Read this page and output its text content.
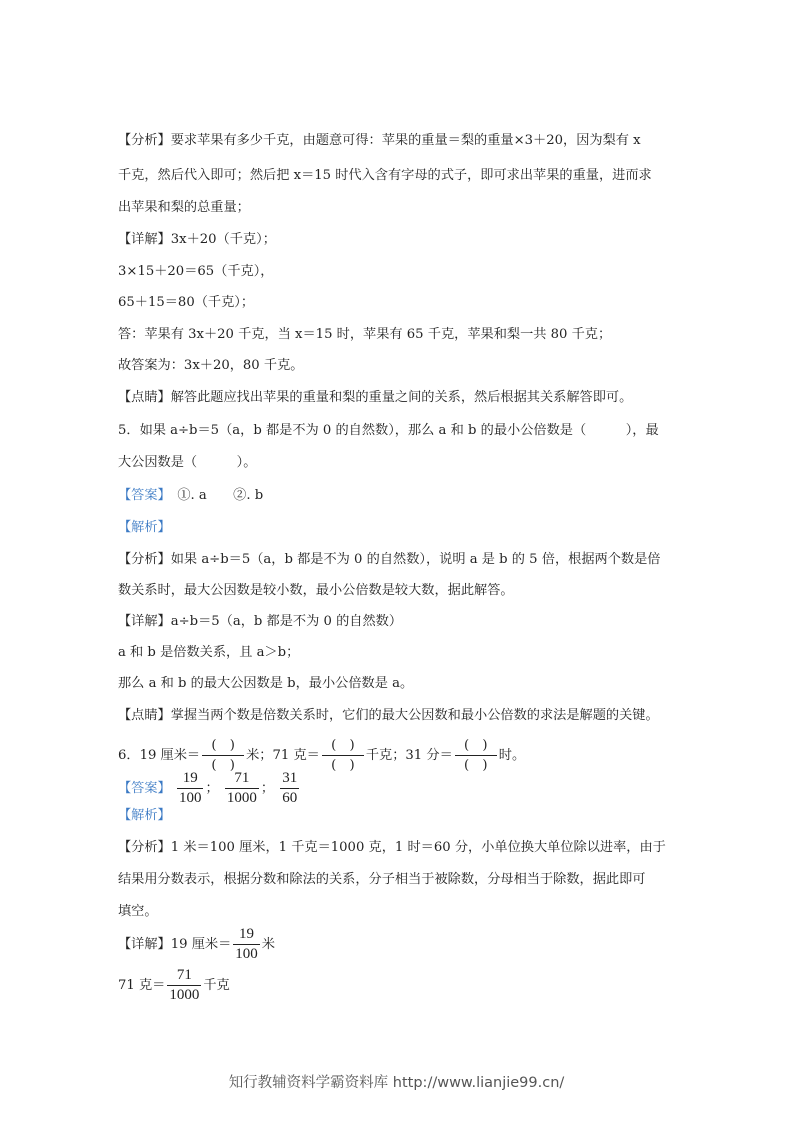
【分析】要求苹果有多少千克，由题意可得：苹果的重量＝梨的重量×3＋20，因为梨有 x
千克，然后代入即可；然后把 x＝15 时代入含有字母的式子，即可求出苹果的重量，进而求
出苹果和梨的总重量；
【详解】3x＋20（千克）；
3×15＋20＝65（千克），
65＋15＝80（千克）；
答：苹果有 3x＋20 千克，当 x＝15 时，苹果有 65 千克，苹果和梨一共 80 千克；
故答案为：3x＋20，80 千克。
【点睛】解答此题应找出苹果的重量和梨的重量之间的关系，然后根据其关系解答即可。
5．如果 a÷b＝5（a，b 都是不为 0 的自然数），那么 a 和 b 的最小公倍数是（　　　），最
大公因数是（　　　）。
【答案】　①. a　　②. b
【解析】
【分析】如果 a÷b＝5（a，b 都是不为 0 的自然数），说明 a 是 b 的 5 倍，根据两个数是倍
数关系时，最大公因数是较小数，最小公倍数是较大数，据此解答。
【详解】a÷b＝5（a，b 都是不为 0 的自然数）
a 和 b 是倍数关系，且 a＞b；
那么 a 和 b 的最大公因数是 b，最小公倍数是 a。
【点睛】掌握当两个数是倍数关系时，它们的最大公因数和最小公倍数的求法是解题的关键。
6．19 厘米＝ $\frac{( )}{( )}$ 米；71 克＝ $\frac{( )}{( )}$ 千克；31 分＝ $\frac{( )}{( )}$ 时。
【答案】 $\frac{19}{100}$ ； $\frac{71}{1000}$ ； $\frac{31}{60}$
【解析】
【分析】1 米＝100 厘米，1 千克＝1000 克，1 时＝60 分，小单位换大单位除以进率，由于
结果用分数表示，根据分数和除法的关系，分子相当于被除数，分母相当于除数，据此即可
填空。
【详解】19 厘米＝ $\frac{19}{100}$ 米
71 克＝ $\frac{71}{1000}$ 千克
知行教辅资料学霸资料库 http://www.lianjie99.cn/
